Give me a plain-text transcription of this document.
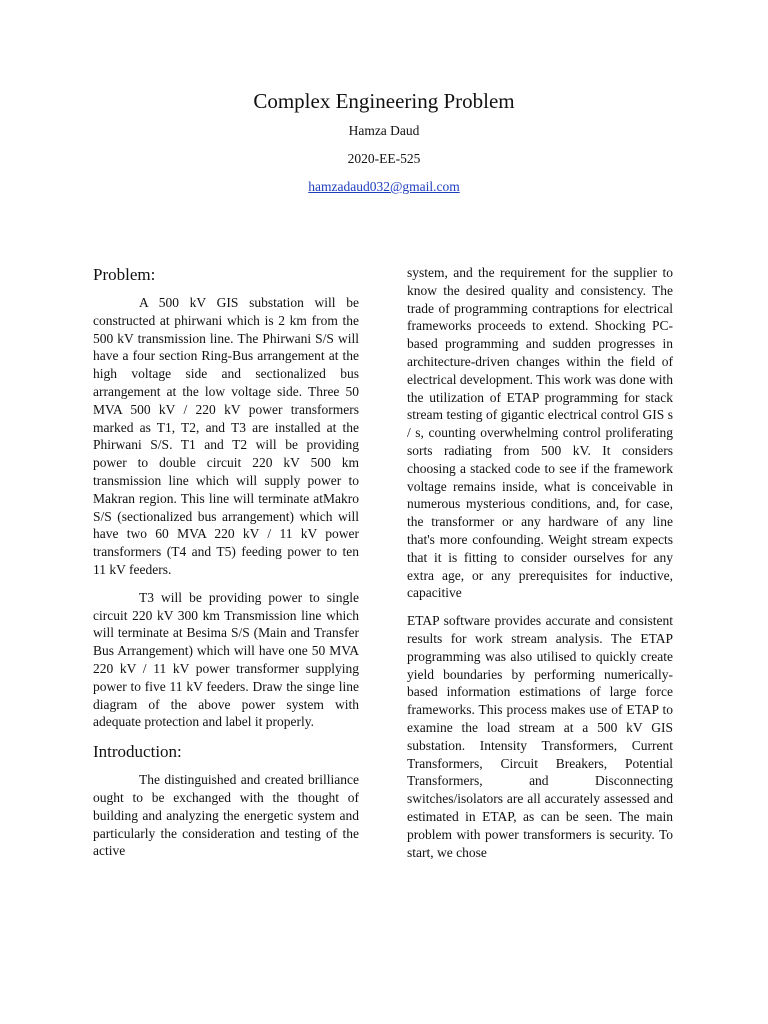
Complex Engineering Problem
Hamza Daud
2020-EE-525
hamzadaud032@gmail.com
Problem:

A 500 kV GIS substation will be constructed at phirwani which is 2 km from the 500 kV transmission line. The Phirwani S/S will have a four section Ring-Bus arrangement at the high voltage side and sectionalized bus arrangement at the low voltage side. Three 50 MVA 500 kV / 220 kV power transformers marked as T1, T2, and T3 are installed at the Phirwani S/S. T1 and T2 will be providing power to double circuit 220 kV 500 km transmission line which will supply power to Makran region. This line will terminate atMakro S/S (sectionalized bus arrangement) which will have two 60 MVA 220 kV / 11 kV power transformers (T4 and T5) feeding power to ten 11 kV feeders.

T3 will be providing power to single circuit 220 kV 300 km Transmission line which will terminate at Besima S/S (Main and Transfer Bus Arrangement) which will have one 50 MVA 220 kV / 11 kV power transformer supplying power to five 11 kV feeders. Draw the singe line diagram of the above power system with adequate protection and label it properly.

Introduction:

The distinguished and created brilliance ought to be exchanged with the thought of building and analyzing the energetic system and particularly the consideration and testing of the active

system, and the requirement for the supplier to know the desired quality and consistency. The trade of programming contraptions for electrical frameworks proceeds to extend. Shocking PC-based programming and sudden progresses in architecture-driven changes within the field of electrical development. This work was done with the utilization of ETAP programming for stack stream testing of gigantic electrical control GIS s / s, counting overwhelming control proliferating sorts radiating from 500 kV. It considers choosing a stacked code to see if the framework voltage remains inside, what is conceivable in numerous mysterious conditions, and, for case, the transformer or any hardware of any line that's more confounding. Weight stream expects that it is fitting to consider ourselves for any extra age, or any prerequisites for inductive, capacitive

ETAP software provides accurate and consistent results for work stream analysis. The ETAP programming was also utilised to quickly create yield boundaries by performing numerically-based information estimations of large force frameworks. This process makes use of ETAP to examine the load stream at a 500 kV GIS substation. Intensity Transformers, Current Transformers, Circuit Breakers, Potential Transformers, and Disconnecting switches/isolators are all accurately assessed and estimated in ETAP, as can be seen. The main problem with power transformers is security. To start, we chose
